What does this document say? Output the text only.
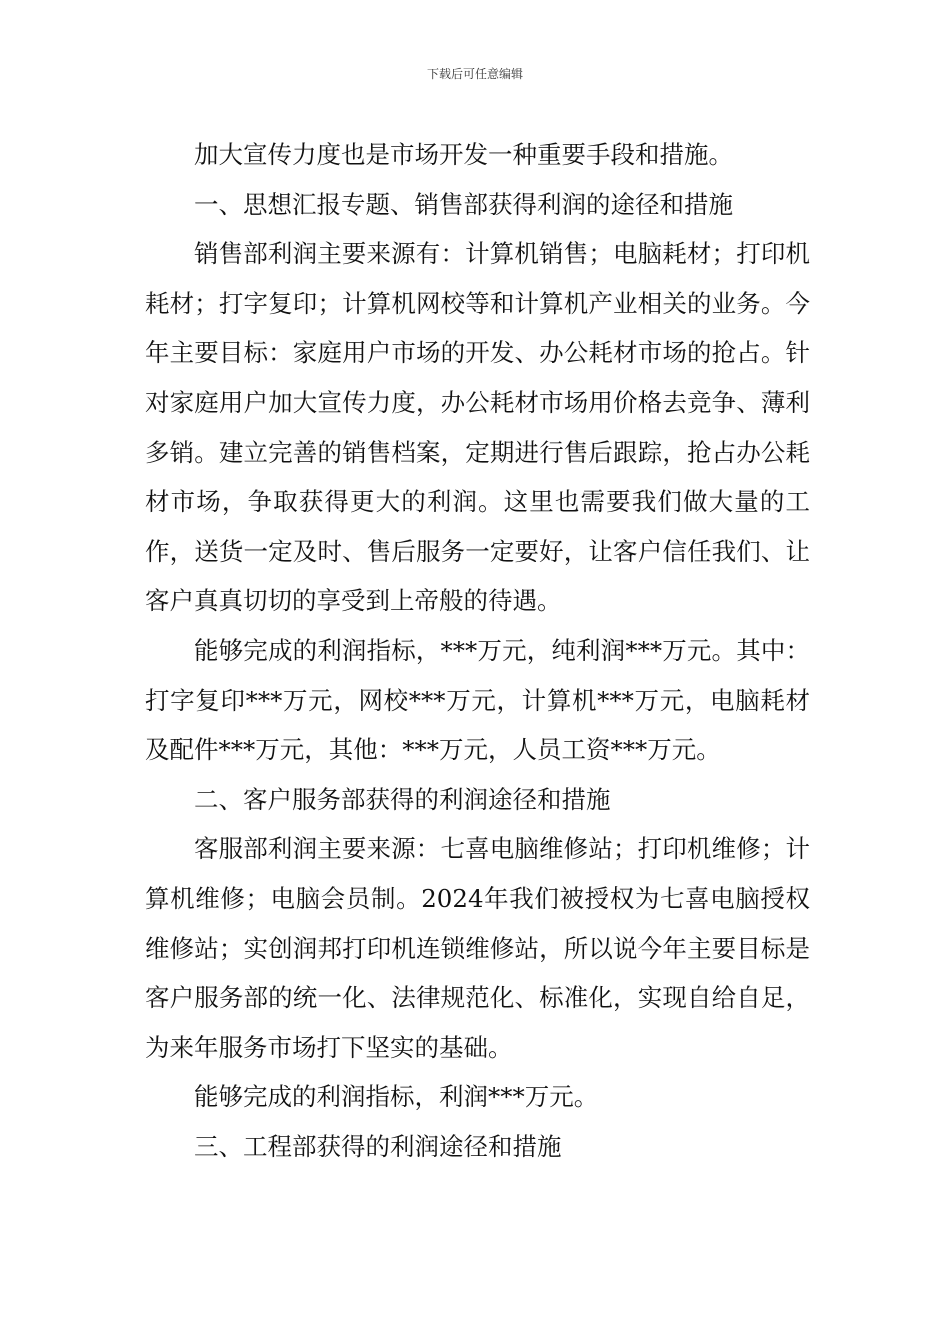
下载后可任意编辑

加大宣传力度也是市场开发一种重要手段和措施。

一、思想汇报专题、销售部获得利润的途径和措施

销售部利润主要来源有：计算机销售；电脑耗材；打印机耗材；打字复印；计算机网校等和计算机产业相关的业务。今年主要目标：家庭用户市场的开发、办公耗材市场的抢占。针对家庭用户加大宣传力度，办公耗材市场用价格去竞争、薄利多销。建立完善的销售档案，定期进行售后跟踪，抢占办公耗材市场，争取获得更大的利润。这里也需要我们做大量的工作，送货一定及时、售后服务一定要好，让客户信任我们、让客户真真切切的享受到上帝般的待遇。

能够完成的利润指标，***万元，纯利润***万元。其中：打字复印***万元，网校***万元，计算机***万元，电脑耗材及配件***万元，其他：***万元，人员工资***万元。

二、客户服务部获得的利润途径和措施

客服部利润主要来源：七喜电脑维修站；打印机维修；计算机维修；电脑会员制。2024年我们被授权为七喜电脑授权维修站；实创润邦打印机连锁维修站，所以说今年主要目标是客户服务部的统一化、法律规范化、标准化，实现自给自足，为来年服务市场打下坚实的基础。

能够完成的利润指标，利润***万元。

三、工程部获得的利润途径和措施
